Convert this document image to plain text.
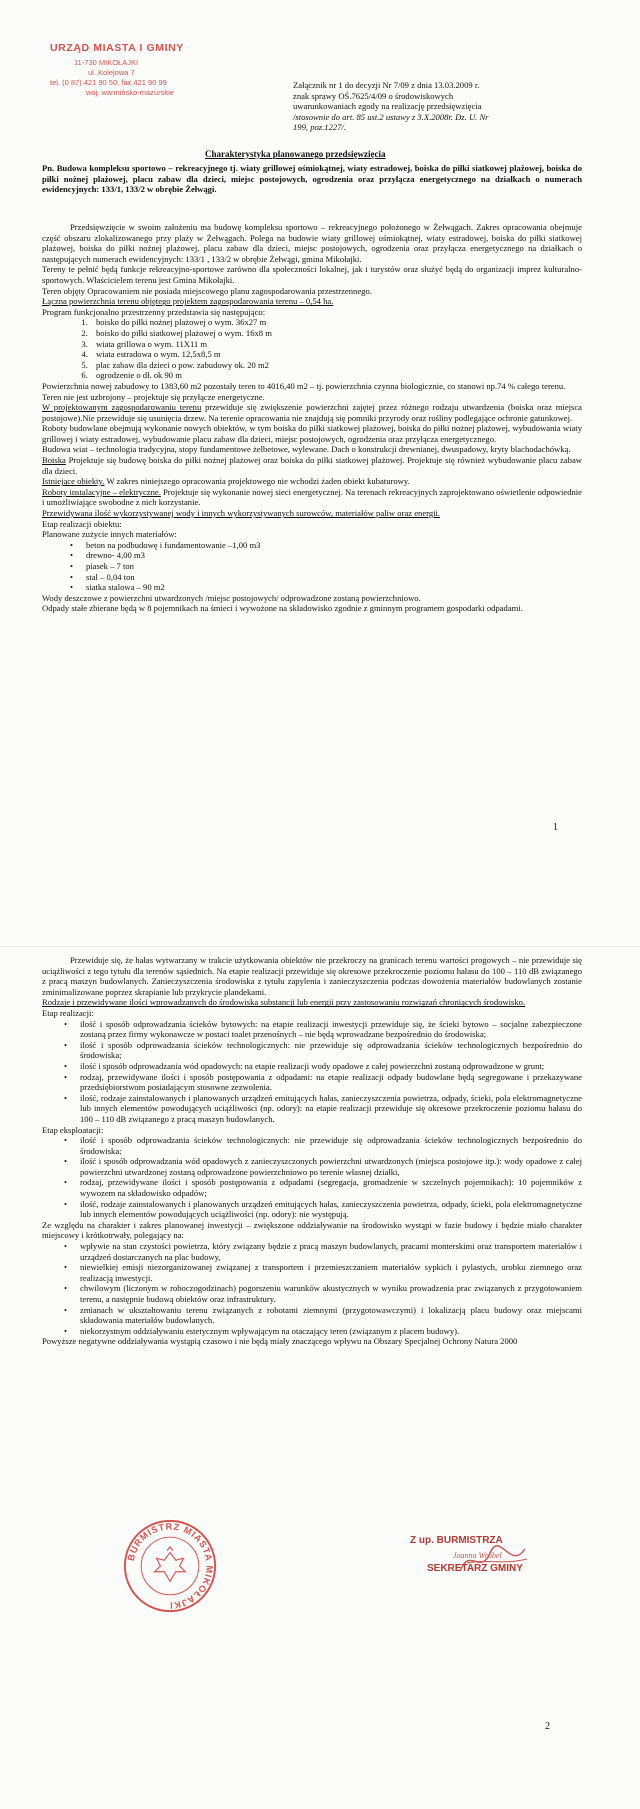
URZĄD MIASTA I GMINY
11-730 MIKOŁAJKI
ul. Kolejowa 7
tel. (0 87) 421 90 50, fax 421 90 99
woj. warmińsko-mazurskie
Załącznik nr 1 do decyzji Nr 7/09 z dnia 13.03.2009 r.
znak sprawy OŚ.7625/4/09 o środowiskowych
uwarunkowaniach zgody na realizację przedsięwzięcia
/stosownie do art. 85 ust.2 ustawy z 3.X.2008r. Dz. U. Nr
199, poz.1227/.
Charakterystyka planowanego przedsięwzięcia

Pn. Budowa kompleksu sportowo – rekreacyjnego tj. wiaty grillowej ośmiokątnej, wiaty estradowej, boiska do piłki siatkowej plażowej, boiska do piłki nożnej plażowej, placu zabaw dla dzieci, miejsc postojowych, ogrodzenia oraz przyłącza energetycznego na działkach o numerach ewidencyjnych: 133/1, 133/2 w obrębie Żełwągi.

Przedsięwzięcie w swoim założeniu ma budowę kompleksu sportowo – rekreacyjnego położonego w Żełwągach. Zakres opracowania obejmuje część obszaru zlokalizowanego przy plaży w Żełwągach. Polega na budowie wiaty grillowej ośmiokątnej, wiaty estradowej, boiska do piłki siatkowej plażowej, boiska do piłki nożnej plażowej, placu zabaw dla dzieci, miejsc postojowych, ogrodzenia oraz przyłącza energetycznego na działkach o następujących numerach ewidencyjnych: 133/1 , 133/2 w obrębie Żełwągi, gmina Mikołajki.

Tereny te pełnić będą funkcje rekreacyjno-sportowe zarówno dla społeczności lokalnej, jak i turystów oraz służyć będą do organizacji imprez kulturalno-sportowych. Właścicielem terenu jest Gmina Mikołajki.

Teren objęty Opracowaniem nie posiada miejscowego planu zagospodarowania przestrzennego.

Łączna powierzchnia terenu objętego projektem zagospodarowania terenu – 0,54 ha.

Program funkcjonalno przestrzenny przedstawia się następująco:

1. boisko do piłki nożnej plażowej o wym. 36x27 m
2. boisko do piłki siatkowej plażowej o wym. 16x8 m
3. wiata grillowa o wym. 11X11 m
4. wiata estradowa o wym. 12,5x8,5 m
5. plac zabaw dla dzieci o pow. zabudowy ok. 20 m2
6. ogrodzenie o dł. ok 90 m

Powierzchnia nowej zabudowy to 1383,60 m2 pozostały teren to 4016,40 m2 – tj. powierzchnia czynna biologicznie, co stanowi np.74 % całego terenu.

Teren nie jest uzbrojony – projektuje się przyłącze energetyczne.

W projektowanym zagospodarowaniu terenu przewiduje się zwiększenie powierzchni zajętej przez różnego rodzaju utwardzenia (boiska oraz miejsca postojowe).Nie przewiduje się usunięcia drzew. Na terenie opracowania nie znajdują się pomniki przyrody oraz rośliny podlegające ochronie gatunkowej.

Roboty budowlane obejmują wykonanie nowych obiektów, w tym boiska do piłki siatkowej plażowej, boiska do piłki nożnej plażowej, wybudowania wiaty grillowej i wiaty estradowej, wybudowanie placu zabaw dla dzieci, miejsc postojowych, ogrodzenia oraz przyłącza energetycznego.

Budowa wiat – technologia tradycyjna, stopy fundamentowe żelbetowe, wylewane. Dach o konstrukcji drewnianej, dwuspadowy, kryty blachodachówką.

Boiska Projektuje się budowę boiska do piłki nożnej plażowej oraz boiska do piłki siatkowej plażowej. Projektuje się również wybudowanie placu zabaw dla dzieci.

Istniejące obiekty. W zakres niniejszego opracowania projektowego nie wchodzi żaden obiekt kubaturowy.

Roboty instalacyjne – elektryczne. Projektuje się wykonanie nowej sieci energetycznej. Na terenach rekreacyjnych zaprojektowano oświetlenie odpowiednie i umożliwiające swobodne z nich korzystanie.

Przewidywana ilość wykorzystywanej wody i innych wykorzystywanych surowców, materiałów paliw oraz energii.

Etap realizacji obiektu:

Planowane zużycie innych materiałów:

• beton na podbudowę i fundamentowanie –1,00 m3
• drewno- 4,00 m3
• piasek – 7 ton
• stal – 0,04 ton
• siatka stalowa – 90 m2

Wody deszczowe z powierzchni utwardzonych /miejsc postojowych/ odprowadzone zostaną powierzchniowo.

Odpady stałe zbierane będą w 8 pojemnikach na śmieci i wywożone na składowisko zgodnie z gminnym programem gospodarki odpadami.

1

Przewiduje się, że hałas wytwarzany w trakcie użytkowania obiektów nie przekroczy na granicach terenu wartości progowych – nie przewiduje się uciążliwości z tego tytułu dla terenów sąsiednich. Na etapie realizacji przewiduje się okresowe przekroczenie poziomu hałasu do 100 – 110 dB związanego z pracą maszyn budowlanych. Zanieczyszczenia środowiska z tytułu zapylenia i zanieczyszczenia podczas dowożenia materiałów budowlanych zostanie zminimalizowane poprzez skrapianie lub przykrycie plandekami.

Rodzaje i przewidywane ilości wprowadzanych do środowiska substancji lub energii przy zastosowaniu rozwiązań chroniących środowisko.

Etap realizacji:

• ilość i sposób odprowadzania ścieków bytowych: na etapie realizacji inwestycji przewiduje się, że ścieki bytowo – socjalne zabezpieczone zostaną przez firmy wykonawcze w postaci toalet przenośnych – nie będą wprowadzane bezpośrednio do środowiska;
• ilość i sposób odprowadzania ścieków technologicznych: nie przewiduje się odprowadzania ścieków technologicznych bezpośrednio do środowiska;
• ilość i sposób odprowadzania wód opadowych: na etapie realizacji wody opadowe z całej powierzchni zostaną odprowadzone w grunt;
• rodzaj, przewidywane ilości i sposób postępowania z odpadami: na etapie realizacji odpady budowlane będą segregowane i przekazywane przedsiębiorstwom posiadającym stosowne zezwolenia.
• ilość, rodzaje zainstalowanych i planowanych urządzeń emitujących hałas, zanieczyszczenia powietrza, odpady, ścieki, pola elektromagnetyczne lub innych elementów powodujących uciążliwości (np. odory): na etapie realizacji przewiduje się okresowe przekroczenie poziomu hałasu do 100 – 110 dB związanego z pracą maszyn budowlanych.

Etap eksploatacji:

• ilość i sposób odprowadzania ścieków technologicznych: nie przewiduje się odprowadzania ścieków technologicznych bezpośrednio do środowiska;
• ilość i sposób odprowadzania wód opadowych z zanieczyszczonych powierzchni utwardzonych (miejsca postojowe itp.): wody opadowe z całej powierzchni utwardzonej zostaną odprowadzone powierzchniowo po terenie własnej działki,
• rodzaj, przewidywane ilości i sposób postępowania z odpadami (segregacja, gromadzenie w szczelnych pojemnikach): 10 pojemników z wywozem na składowisko odpadów;
• ilość, rodzaje zainstalowanych i planowanych urządzeń emitujących hałas, zanieczyszczenia powietrza, odpady, ścieki, pola elektromagnetyczne lub innych elementów powodujących uciążliwości (np. odory): nie występują.

Ze względu na charakter i zakres planowanej inwestycji – zwiększone oddziaływanie na środowisko wystąpi w fazie budowy i będzie miało charakter miejscowy i krótkotrwały, polegający na:

• wpływie na stan czystości powietrza, który związany będzie z pracą maszyn budowlanych, pracami monterskimi oraz transportem materiałów i urządzeń dostarczanych na plac budowy,
• niewielkiej emisji niezorganizowanej związanej z transportem i przemieszczaniem materiałów sypkich i pylastych, urobku ziemnego oraz realizacją inwestycji.
• chwilowym (liczonym w roboczogodzinach) pogorszeniu warunków akustycznych w wyniku prowadzenia prac związanych z przygotowaniem terenu, a następnie budową obiektów oraz infrastruktury.
• zmianach w ukształtowaniu terenu związanych z robotami ziemnymi (przygotowawczymi) i lokalizacją placu budowy oraz miejscami składowania materiałów budowlanych.
• niekorzystnym oddziaływaniu estetycznym wpływającym na otaczający teren (związanym z placem budowy).

Powyższe negatywne oddziaływania wystąpią czasowo i nie będą miały znaczącego wpływu na Obszary Specjalnej Ochrony Natura 2000

2
BURMISTRZ MIASTA MIKOŁAJKI
Z up. BURMISTRZA
Joanna Wróbel
SEKRETARZ GMINY
